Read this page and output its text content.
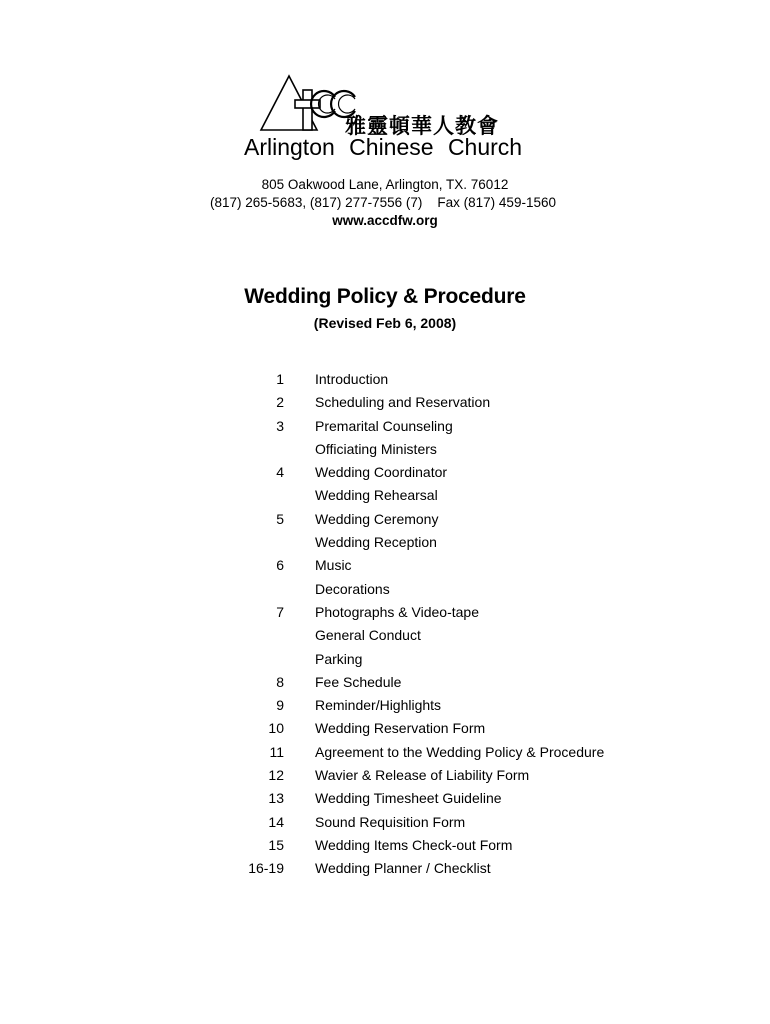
雅靈頓華人教會
Arlington Chinese Church
805 Oakwood Lane, Arlington, TX. 76012
(817) 265-5683, (817) 277-7556 (7)    Fax (817) 459-1560
www.accdfw.org
Wedding Policy & Procedure
(Revised Feb 6, 2008)
1 Introduction
2 Scheduling and Reservation
3 Premarital Counseling
Officiating Ministers
4 Wedding Coordinator
Wedding Rehearsal
5 Wedding Ceremony
Wedding Reception
6 Music
Decorations
7 Photographs & Video-tape
General Conduct
Parking
8 Fee Schedule
9 Reminder/Highlights
10 Wedding Reservation Form
11 Agreement to the Wedding Policy & Procedure
12 Wavier & Release of Liability Form
13 Wedding Timesheet Guideline
14 Sound Requisition Form
15 Wedding Items Check-out Form
16-19 Wedding Planner / Checklist
